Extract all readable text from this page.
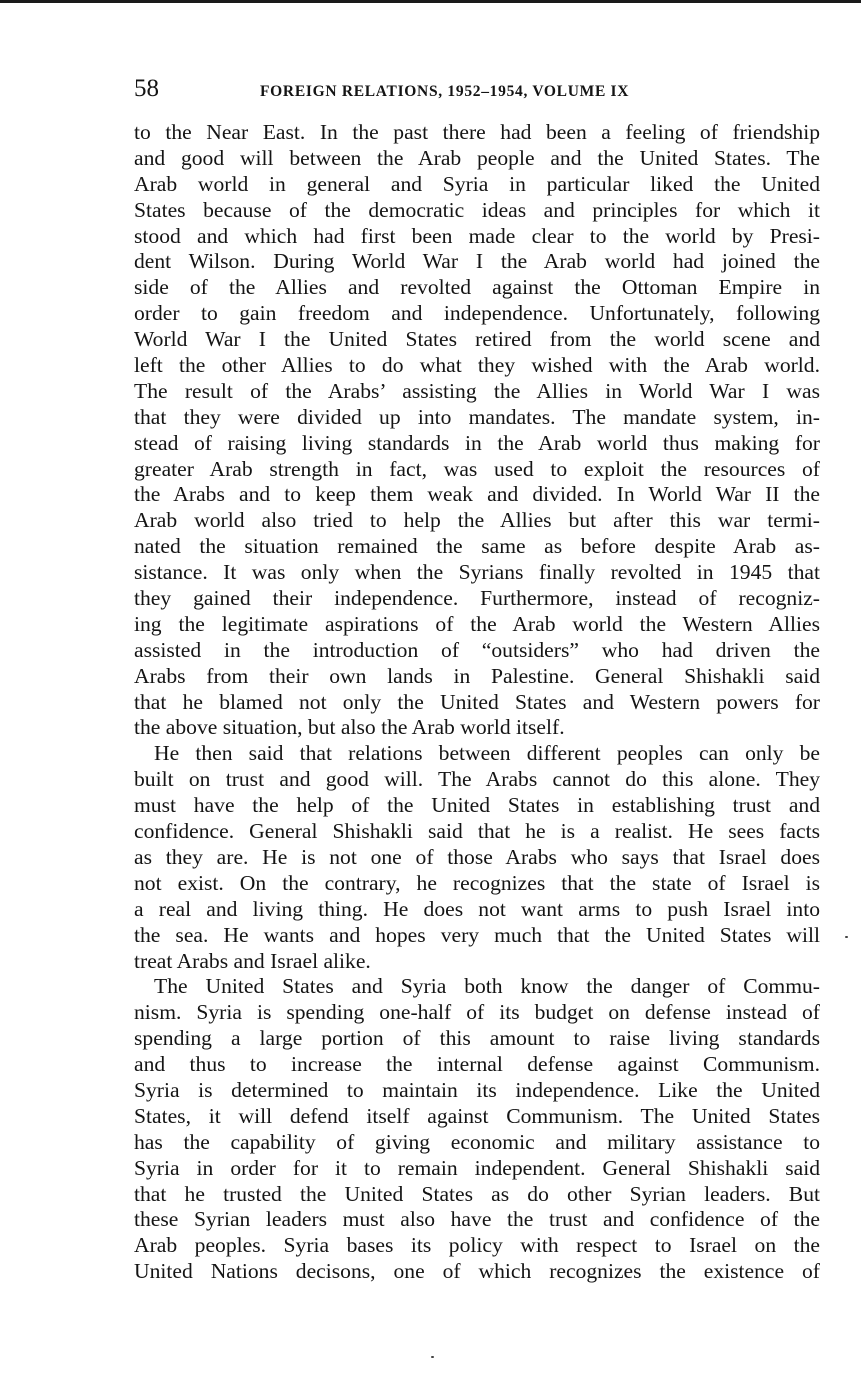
58	FOREIGN RELATIONS, 1952–1954, VOLUME IX
to the Near East. In the past there had been a feeling of friendship
and good will between the Arab people and the United States. The
Arab world in general and Syria in particular liked the United
States because of the democratic ideas and principles for which it
stood and which had first been made clear to the world by Presi-
dent Wilson. During World War I the Arab world had joined the
side of the Allies and revolted against the Ottoman Empire in
order to gain freedom and independence. Unfortunately, following
World War I the United States retired from the world scene and
left the other Allies to do what they wished with the Arab world.
The result of the Arabs’ assisting the Allies in World War I was
that they were divided up into mandates. The mandate system, in-
stead of raising living standards in the Arab world thus making for
greater Arab strength in fact, was used to exploit the resources of
the Arabs and to keep them weak and divided. In World War II the
Arab world also tried to help the Allies but after this war termi-
nated the situation remained the same as before despite Arab as-
sistance. It was only when the Syrians finally revolted in 1945 that
they gained their independence. Furthermore, instead of recogniz-
ing the legitimate aspirations of the Arab world the Western Allies
assisted in the introduction of “outsiders” who had driven the
Arabs from their own lands in Palestine. General Shishakli said
that he blamed not only the United States and Western powers for
the above situation, but also the Arab world itself.
He then said that relations between different peoples can only be
built on trust and good will. The Arabs cannot do this alone. They
must have the help of the United States in establishing trust and
confidence. General Shishakli said that he is a realist. He sees facts
as they are. He is not one of those Arabs who says that Israel does
not exist. On the contrary, he recognizes that the state of Israel is
a real and living thing. He does not want arms to push Israel into
the sea. He wants and hopes very much that the United States will
treat Arabs and Israel alike.
The United States and Syria both know the danger of Commu-
nism. Syria is spending one-half of its budget on defense instead of
spending a large portion of this amount to raise living standards
and thus to increase the internal defense against Communism.
Syria is determined to maintain its independence. Like the United
States, it will defend itself against Communism. The United States
has the capability of giving economic and military assistance to
Syria in order for it to remain independent. General Shishakli said
that he trusted the United States as do other Syrian leaders. But
these Syrian leaders must also have the trust and confidence of the
Arab peoples. Syria bases its policy with respect to Israel on the
United Nations decisons, one of which recognizes the existence of
